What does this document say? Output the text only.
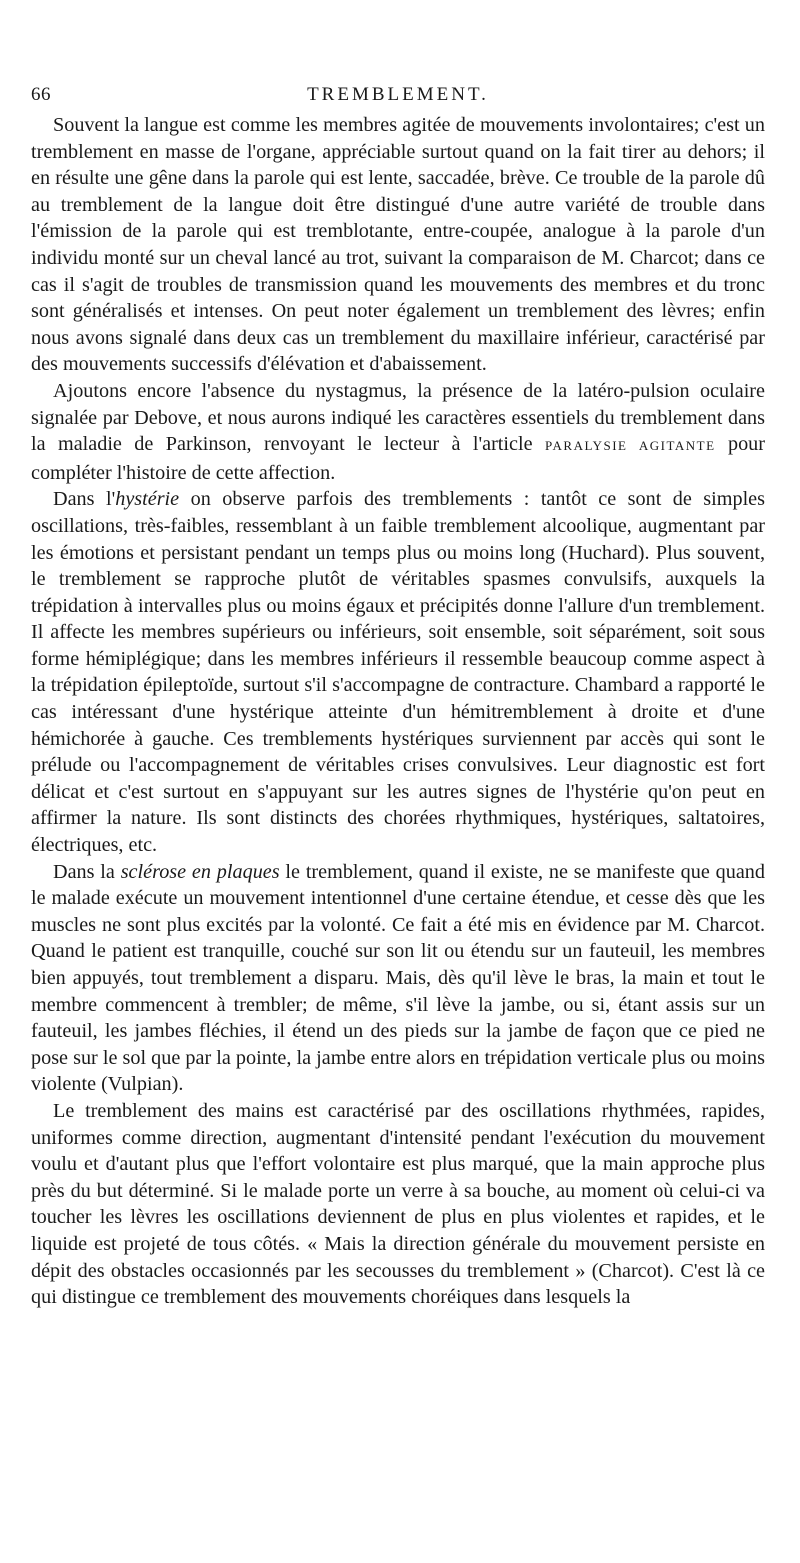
66	TREMBLEMENT.

Souvent la langue est comme les membres agitée de mouvements involontaires; c'est un tremblement en masse de l'organe, appréciable surtout quand on la fait tirer au dehors; il en résulte une gêne dans la parole qui est lente, saccadée, brève. Ce trouble de la parole dû au tremblement de la langue doit être distingué d'une autre variété de trouble dans l'émission de la parole qui est tremblotante, entre-coupée, analogue à la parole d'un individu monté sur un cheval lancé au trot, suivant la comparaison de M. Charcot; dans ce cas il s'agit de troubles de transmission quand les mouvements des membres et du tronc sont généralisés et intenses. On peut noter également un tremblement des lèvres; enfin nous avons signalé dans deux cas un tremblement du maxillaire inférieur, caractérisé par des mouvements successifs d'élévation et d'abaissement.

Ajoutons encore l'absence du nystagmus, la présence de la latéro-pulsion oculaire signalée par Debove, et nous aurons indiqué les caractères essentiels du tremblement dans la maladie de Parkinson, renvoyant le lecteur à l'article PARALYSIE AGITANTE pour compléter l'histoire de cette affection.

Dans l'hystérie on observe parfois des tremblements : tantôt ce sont de simples oscillations, très-faibles, ressemblant à un faible tremblement alcoolique, augmentant par les émotions et persistant pendant un temps plus ou moins long (Huchard). Plus souvent, le tremblement se rapproche plutôt de véritables spasmes convulsifs, auxquels la trépidation à intervalles plus ou moins égaux et précipités donne l'allure d'un tremblement. Il affecte les membres supérieurs ou inférieurs, soit ensemble, soit séparément, soit sous forme hémiplégique; dans les membres inférieurs il ressemble beaucoup comme aspect à la trépidation épileptoïde, surtout s'il s'accompagne de contracture. Chambard a rapporté le cas intéressant d'une hystérique atteinte d'un hémitremblement à droite et d'une hémichorée à gauche. Ces tremblements hystériques surviennent par accès qui sont le prélude ou l'accompagnement de véritables crises convulsives. Leur diagnostic est fort délicat et c'est surtout en s'appuyant sur les autres signes de l'hystérie qu'on peut en affirmer la nature. Ils sont distincts des chorées rhythmiques, hystériques, saltatoires, électriques, etc.

Dans la sclérose en plaques le tremblement, quand il existe, ne se manifeste que quand le malade exécute un mouvement intentionnel d'une certaine étendue, et cesse dès que les muscles ne sont plus excités par la volonté. Ce fait a été mis en évidence par M. Charcot. Quand le patient est tranquille, couché sur son lit ou étendu sur un fauteuil, les membres bien appuyés, tout tremblement a disparu. Mais, dès qu'il lève le bras, la main et tout le membre commencent à trembler; de même, s'il lève la jambe, ou si, étant assis sur un fauteuil, les jambes fléchies, il étend un des pieds sur la jambe de façon que ce pied ne pose sur le sol que par la pointe, la jambe entre alors en trépidation verticale plus ou moins violente (Vulpian).

Le tremblement des mains est caractérisé par des oscillations rhythmées, rapides, uniformes comme direction, augmentant d'intensité pendant l'exécution du mouvement voulu et d'autant plus que l'effort volontaire est plus marqué, que la main approche plus près du but déterminé. Si le malade porte un verre à sa bouche, au moment où celui-ci va toucher les lèvres les oscillations deviennent de plus en plus violentes et rapides, et le liquide est projeté de tous côtés. « Mais la direction générale du mouvement persiste en dépit des obstacles occasionnés par les secousses du tremblement » (Charcot). C'est là ce qui distingue ce tremblement des mouvements choréiques dans lesquels la
